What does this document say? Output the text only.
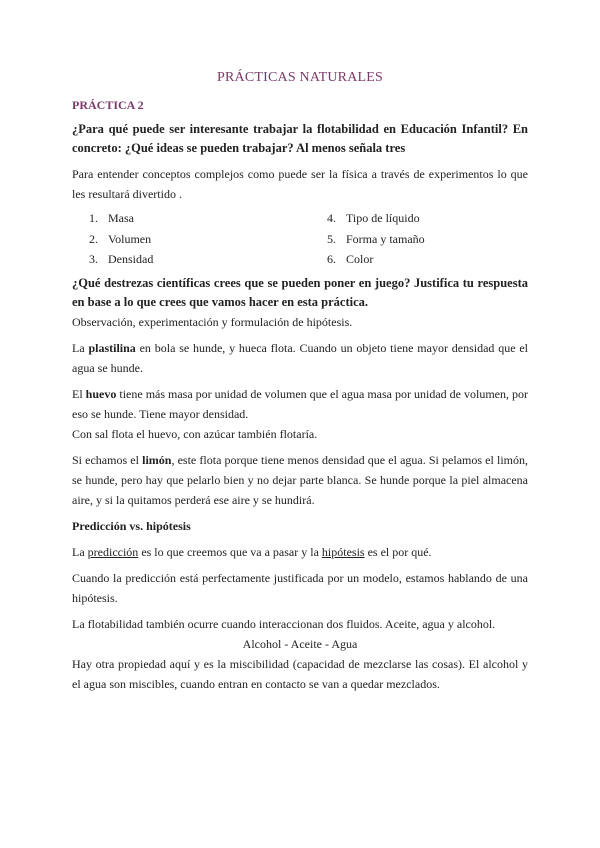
PRÁCTICAS NATURALES
PRÁCTICA 2

¿Para qué puede ser interesante trabajar la flotabilidad en Educación Infantil? En concreto: ¿Qué ideas se pueden trabajar? Al menos señala tres

Para entender conceptos complejos como puede ser la física a través de experimentos lo que les resultará divertido .

1. Masa
2. Volumen
3. Densidad
4. Tipo de líquido
5. Forma y tamaño
6. Color

¿Qué destrezas científicas crees que se pueden poner en juego? Justifica tu respuesta en base a lo que crees que vamos hacer en esta práctica.

Observación, experimentación y formulación de hipótesis.

La plastilina en bola se hunde, y hueca flota. Cuando un objeto tiene mayor densidad que el agua se hunde.

El huevo tiene más masa por unidad de volumen que el agua masa por unidad de volumen, por eso se hunde. Tiene mayor densidad.

Con sal flota el huevo, con azúcar también flotaría.

Si echamos el limón, este flota porque tiene menos densidad que el agua. Si pelamos el limón, se hunde, pero hay que pelarlo bien y no dejar parte blanca. Se hunde porque la piel almacena aire, y si la quitamos perderá ese aire y se hundirá.

Predicción vs. hipótesis

La predicción es lo que creemos que va a pasar y la hipótesis es el por qué.

Cuando la predicción está perfectamente justificada por un modelo, estamos hablando de una hipótesis.

La flotabilidad también ocurre cuando interaccionan dos fluidos. Aceite, agua y alcohol.

Alcohol - Aceite - Agua

Hay otra propiedad aquí y es la miscibilidad (capacidad de mezclarse las cosas). El alcohol y el agua son miscibles, cuando entran en contacto se van a quedar mezclados.
